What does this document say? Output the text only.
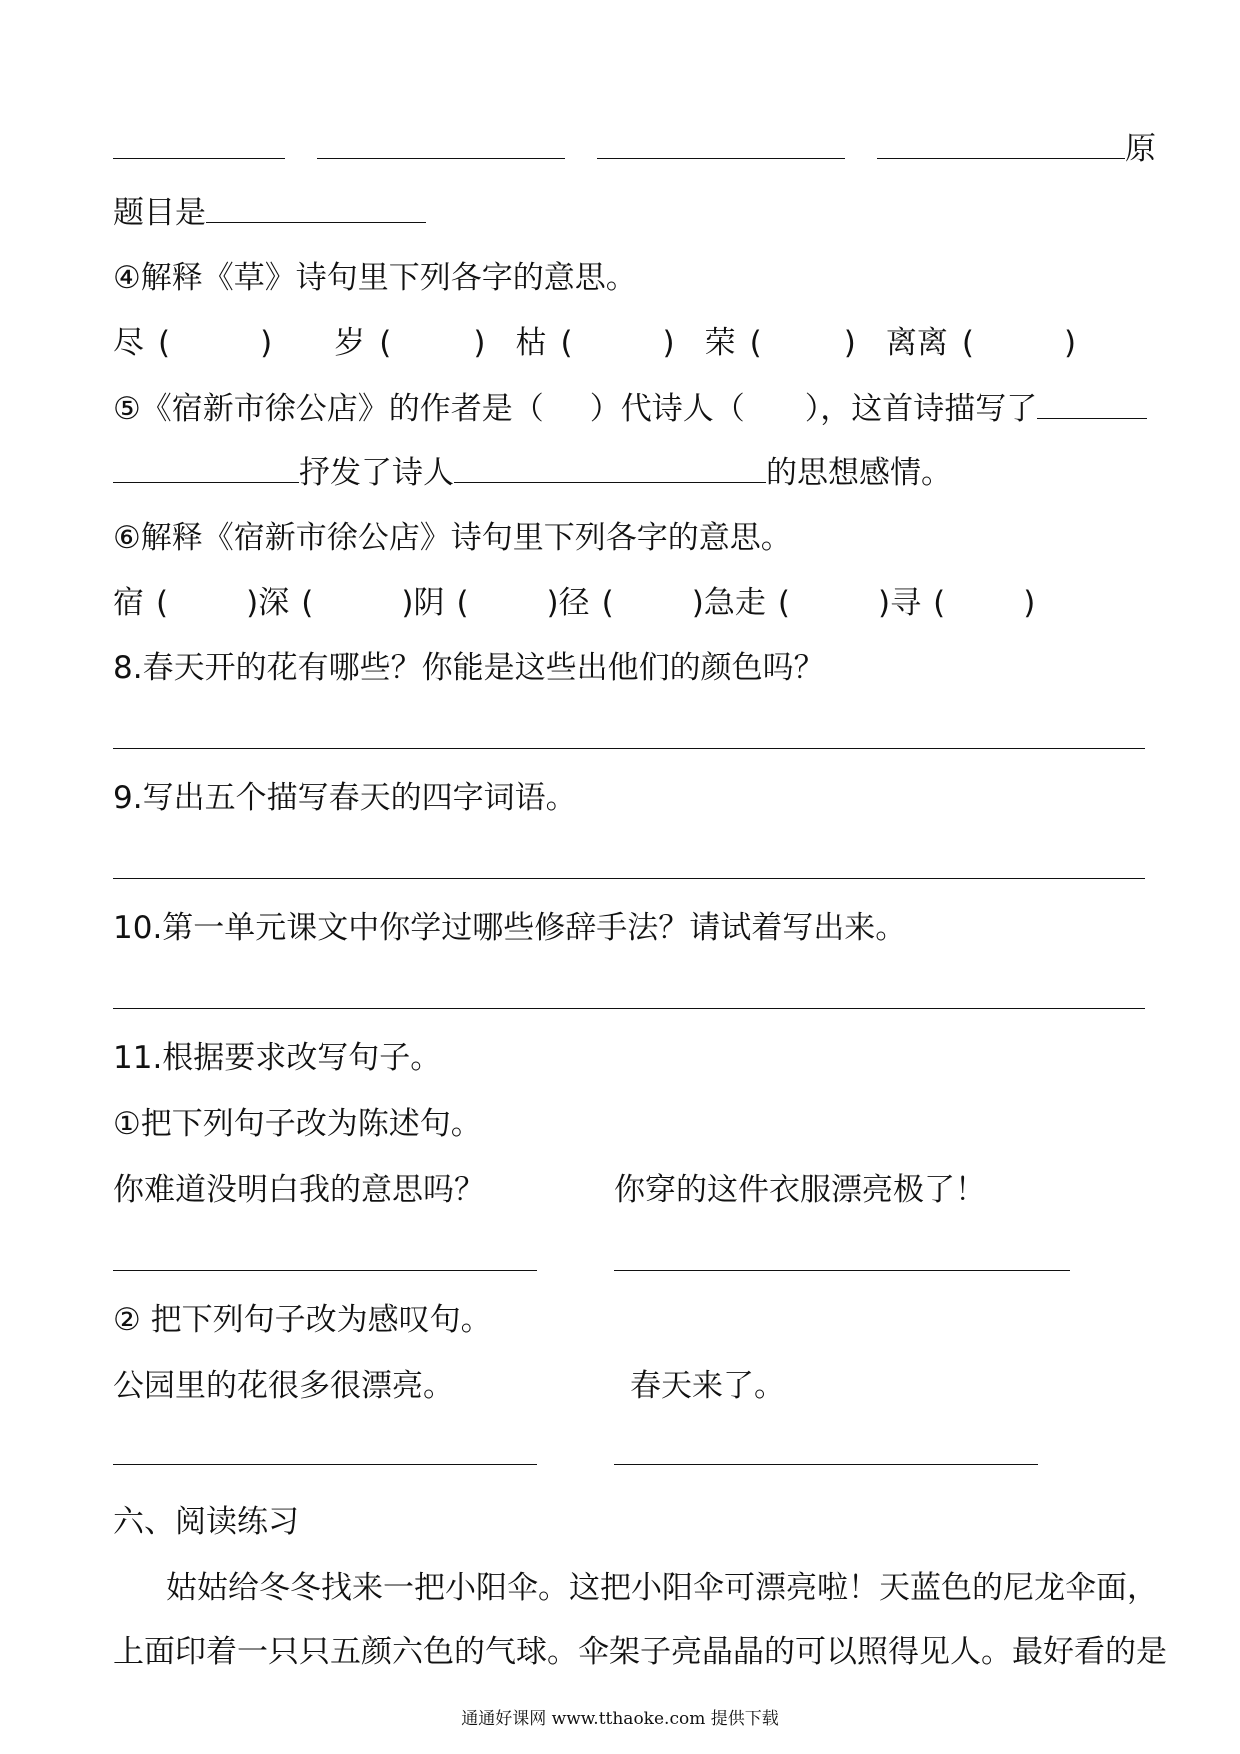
原
题目是
④解释《草》诗句里下列各字的意思。
尽 (	) 岁 (	) 枯 (	) 荣 (	) 离离 (	)
⑤《宿新市徐公店》的作者是（ ）代诗人（ ），这首诗描写了
抒发了诗人	的思想感情。
⑥解释《宿新市徐公店》诗句里下列各字的意思。
宿 (	)深 (	)阴 (	)径 (	)急走 (	)寻 (	)
8.春天开的花有哪些？你能是这些出他们的颜色吗？
9.写出五个描写春天的四字词语。
10.第一单元课文中你学过哪些修辞手法？请试着写出来。
11.根据要求改写句子。
①把下列句子改为陈述句。
你难道没明白我的意思吗？	你穿的这件衣服漂亮极了！
② 把下列句子改为感叹句。
公园里的花很多很漂亮。	春天来了。
六、阅读练习
姑姑给冬冬找来一把小阳伞。这把小阳伞可漂亮啦！天蓝色的尼龙伞面，
上面印着一只只五颜六色的气球。伞架子亮晶晶的可以照得见人。最好看的是
通通好课网 www.tthaoke.com 提供下载
